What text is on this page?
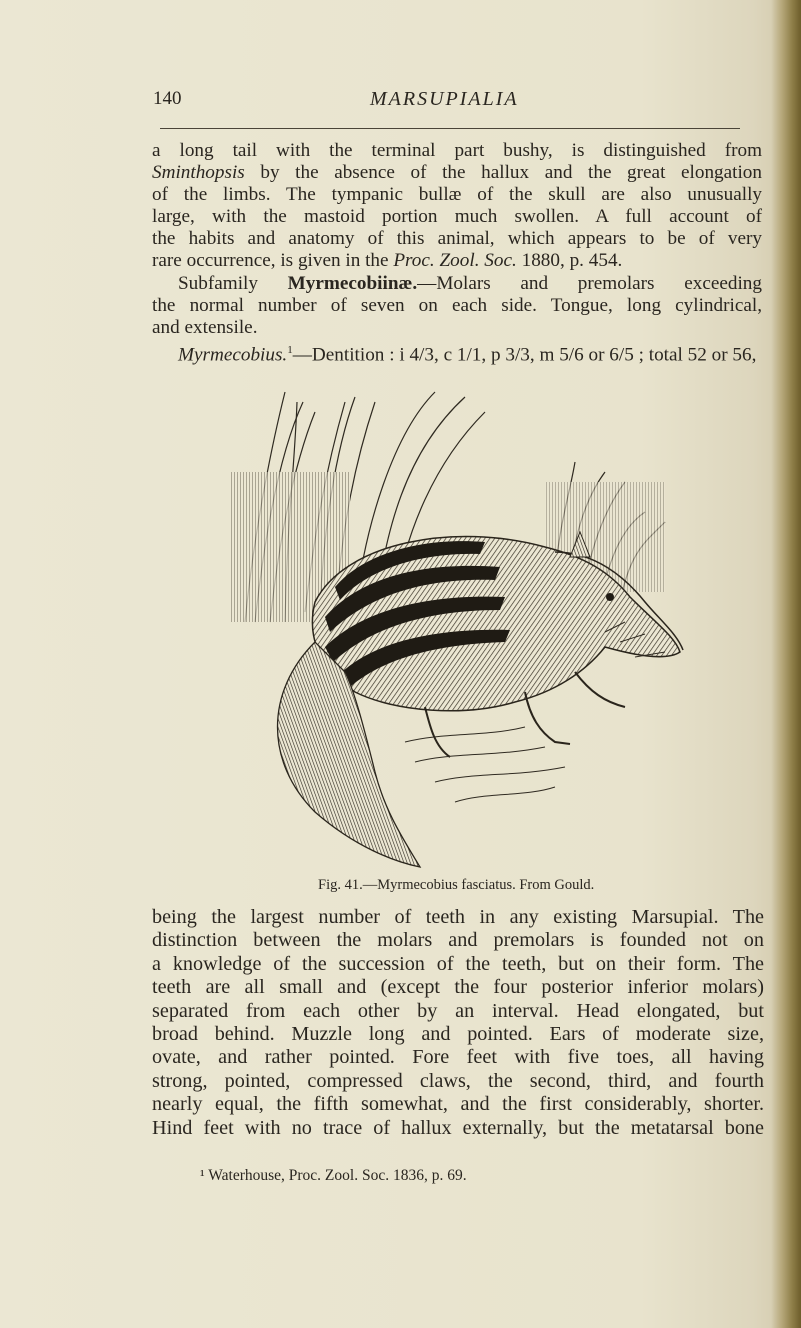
140	MARSUPIALIA
a long tail with the terminal part bushy, is distinguished from
Sminthopsis by the absence of the hallux and the great elongation
of the limbs. The tympanic bullæ of the skull are also unusually
large, with the mastoid portion much swollen. A full account of
the habits and anatomy of this animal, which appears to be of very
rare occurrence, is given in the Proc. Zool. Soc. 1880, p. 454.
Subfamily Myrmecobiinæ.—Molars and premolars exceeding
the normal number of seven on each side. Tongue, long cylindrical,
and extensile.
Myrmecobius.$^1$—Dentition : i 4/3, c 1/1, p 3/3, m 5/6 or 6/5 ; total 52 or 56,
Fig. 41.—Myrmecobius fasciatus. From Gould.
being the largest number of teeth in any existing Marsupial. The
distinction between the molars and premolars is founded not on
a knowledge of the succession of the teeth, but on their form. The
teeth are all small and (except the four posterior inferior molars)
separated from each other by an interval. Head elongated, but
broad behind. Muzzle long and pointed. Ears of moderate size,
ovate, and rather pointed. Fore feet with five toes, all having
strong, pointed, compressed claws, the second, third, and fourth
nearly equal, the fifth somewhat, and the first considerably, shorter.
Hind feet with no trace of hallux externally, but the metatarsal bone
¹ Waterhouse, Proc. Zool. Soc. 1836, p. 69.
